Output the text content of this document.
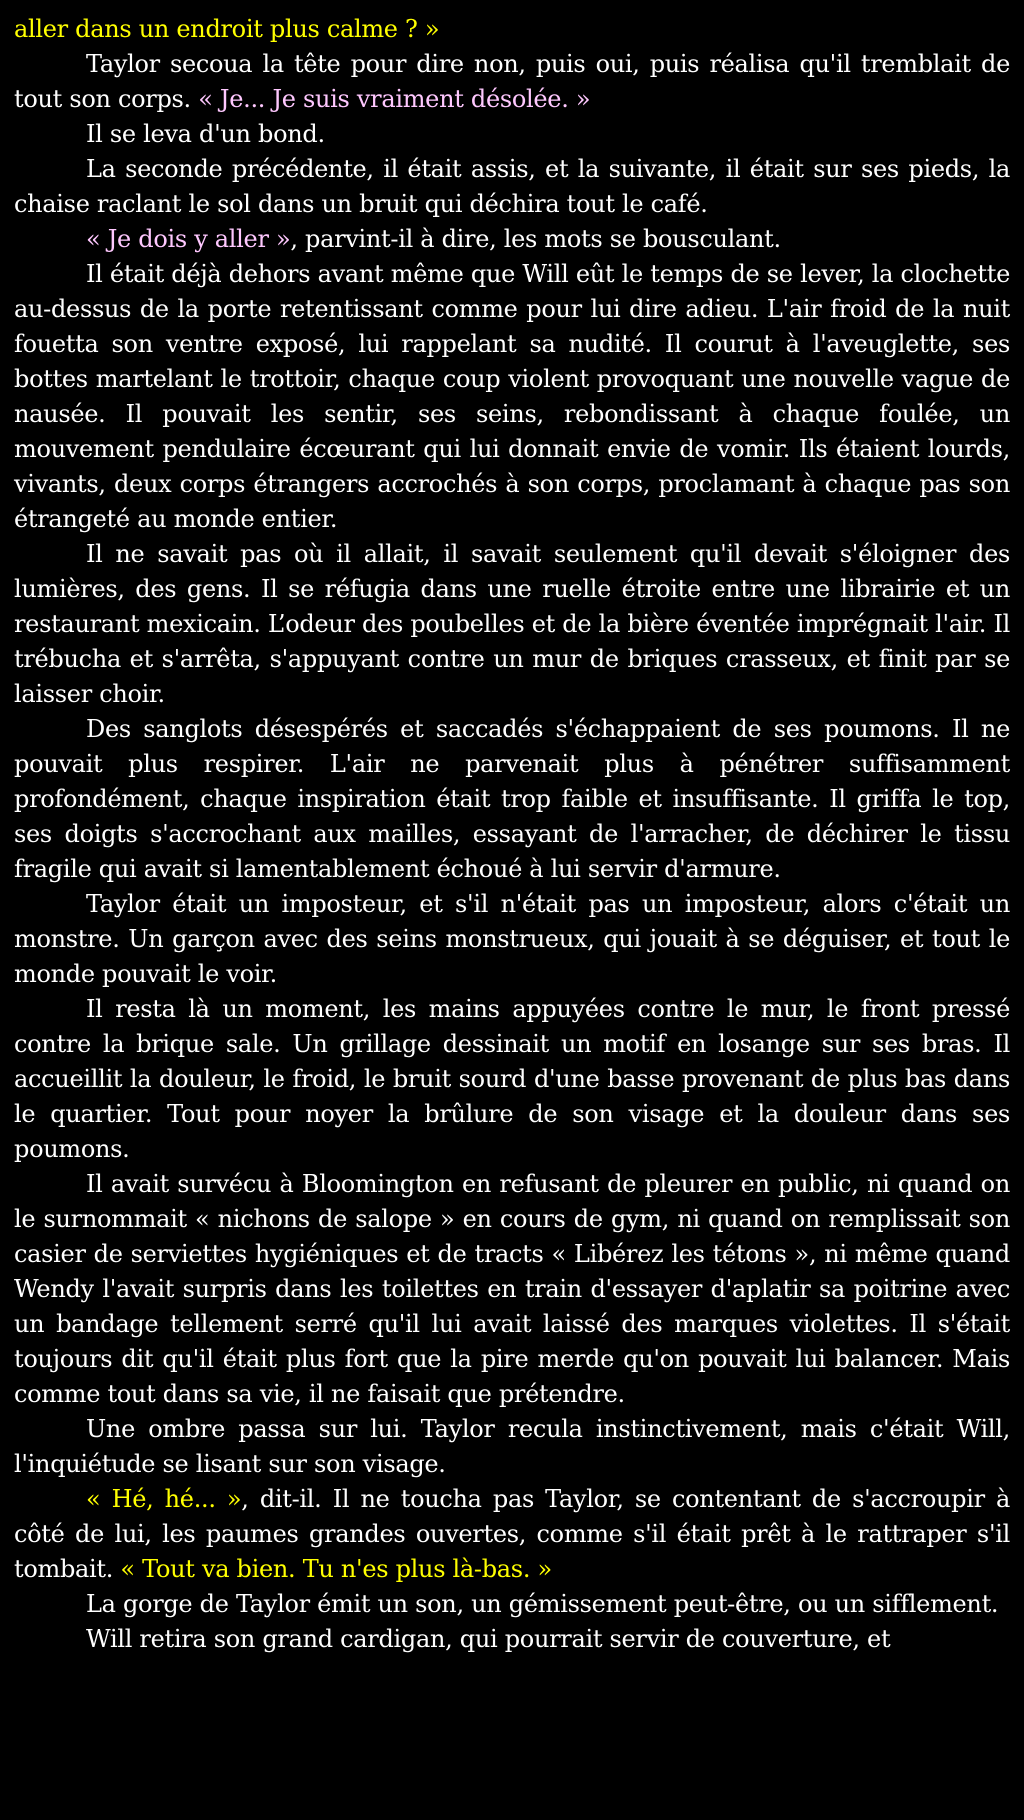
aller dans un endroit plus calme ? »

Taylor secoua la tête pour dire non, puis oui, puis réalisa qu'il tremblait de tout son corps. « Je... Je suis vraiment désolée. »

Il se leva d'un bond.

La seconde précédente, il était assis, et la suivante, il était sur ses pieds, la chaise raclant le sol dans un bruit qui déchira tout le café.

« Je dois y aller », parvint-il à dire, les mots se bousculant.

Il était déjà dehors avant même que Will eût le temps de se lever, la clochette au-dessus de la porte retentissant comme pour lui dire adieu. L'air froid de la nuit fouetta son ventre exposé, lui rappelant sa nudité. Il courut à l'aveuglette, ses bottes martelant le trottoir, chaque coup violent provoquant une nouvelle vague de nausée. Il pouvait les sentir, ses seins, rebondissant à chaque foulée, un mouvement pendulaire écœurant qui lui donnait envie de vomir. Ils étaient lourds, vivants, deux corps étrangers accrochés à son corps, proclamant à chaque pas son étrangeté au monde entier.

Il ne savait pas où il allait, il savait seulement qu'il devait s'éloigner des lumières, des gens. Il se réfugia dans une ruelle étroite entre une librairie et un restaurant mexicain. L’odeur des poubelles et de la bière éventée imprégnait l'air. Il trébucha et s'arrêta, s'appuyant contre un mur de briques crasseux, et finit par se laisser choir.

Des sanglots désespérés et saccadés s'échappaient de ses poumons. Il ne pouvait plus respirer. L'air ne parvenait plus à pénétrer suffisamment profondément, chaque inspiration était trop faible et insuffisante. Il griffa le top, ses doigts s'accrochant aux mailles, essayant de l'arracher, de déchirer le tissu fragile qui avait si lamentablement échoué à lui servir d'armure.

Taylor était un imposteur, et s'il n'était pas un imposteur, alors c'était un monstre. Un garçon avec des seins monstrueux, qui jouait à se déguiser, et tout le monde pouvait le voir.

Il resta là un moment, les mains appuyées contre le mur, le front pressé contre la brique sale. Un grillage dessinait un motif en losange sur ses bras. Il accueillit la douleur, le froid, le bruit sourd d'une basse provenant de plus bas dans le quartier. Tout pour noyer la brûlure de son visage et la douleur dans ses poumons.

Il avait survécu à Bloomington en refusant de pleurer en public, ni quand on le surnommait « nichons de salope » en cours de gym, ni quand on remplissait son casier de serviettes hygiéniques et de tracts « Libérez les tétons », ni même quand Wendy l'avait surpris dans les toilettes en train d'essayer d'aplatir sa poitrine avec un bandage tellement serré qu'il lui avait laissé des marques violettes. Il s'était toujours dit qu'il était plus fort que la pire merde qu'on pouvait lui balancer. Mais comme tout dans sa vie, il ne faisait que prétendre.

Une ombre passa sur lui. Taylor recula instinctivement, mais c'était Will, l'inquiétude se lisant sur son visage.

« Hé, hé... », dit-il. Il ne toucha pas Taylor, se contentant de s'accroupir à côté de lui, les paumes grandes ouvertes, comme s'il était prêt à le rattraper s'il tombait. « Tout va bien. Tu n'es plus là-bas. »

La gorge de Taylor émit un son, un gémissement peut-être, ou un sifflement.

Will retira son grand cardigan, qui pourrait servir de couverture, et
